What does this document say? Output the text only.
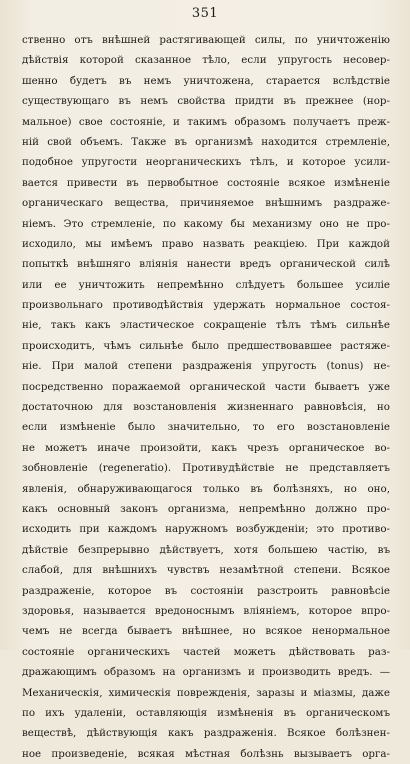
351
ственно отъ внѣшней растягивающей силы, по уничтоженiю
дѣйствiя которой сказанное тѣло, если упругость несовер-
шенно будетъ въ немъ уничтожена, старается вслѣдствiе
существующаго въ немъ свойства придти въ прежнее (нор-
мальное) свое состоянiе, и такимъ образомъ получаетъ преж-
нiй свой объемъ. Также въ организмѣ находится стремленiе,
подобное упругости неорганическихъ тѣлъ, и которое усили-
вается привести въ первобытное состоянiе всякое измѣненiе
органическаго вещества, причиняемое внѣшнимъ раздраже-
нiемъ. Это стремленiе, по какому бы механизму оно не про-
исходило, мы имѣемъ право назвать реакцiею. При каждой
попыткѣ внѣшняго влiянiя нанести вредъ органической силѣ
или ее уничтожить непремѣнно слѣдуетъ большее усилiе
произвольнаго противодѣйствiя удержать нормальное состоя-
нiе, такъ какъ эластическое сокращенiе тѣлъ тѣмъ сильнѣе
происходитъ, чѣмъ сильнѣе было предшествовавшее растяже-
нiе. При малой степени раздраженiя упругость (tonus) не-
посредственно поражаемой органической части бываетъ уже
достаточною для возстановленiя жизненнаго равновѣсiя, но
если измѣненiе было значительно, то его возстановленiе
не можетъ иначе произойти, какъ чрезъ органическое во-
зобновленiе (regeneratio). Противудѣйствiе не представляетъ
явленiя, обнаруживающагося только въ болѣзняхъ, но оно,
какъ основный законъ организма, непремѣнно должно про-
исходить при каждомъ наружномъ возбужденiи; это противо-
дѣйствiе безпрерывно дѣйствуетъ, хотя большею частiю, въ
слабой, для внѣшнихъ чувствъ незамѣтной степени. Всякое
раздраженiе, которое въ состоянiи разстроить равновѣсiе
здоровья, называется вредоноснымъ влiянiемъ, которое впро-
чемъ не всегда бываетъ внѣшнее, но всякое ненормальное
состоянiе органическихъ частей можетъ дѣйствовать раз-
дражающимъ образомъ на организмъ и производить вредъ. —
Механическiя, химическiя поврежденiя, заразы и мiазмы, даже
по ихъ удаленiи, оставляющiя измѣненiя въ органическомъ
веществѣ, дѣйствующiя какъ раздраженiя. Всякое болѣзнен-
ное произведенiе, всякая мѣстная болѣзнь вызываетъ орга-
